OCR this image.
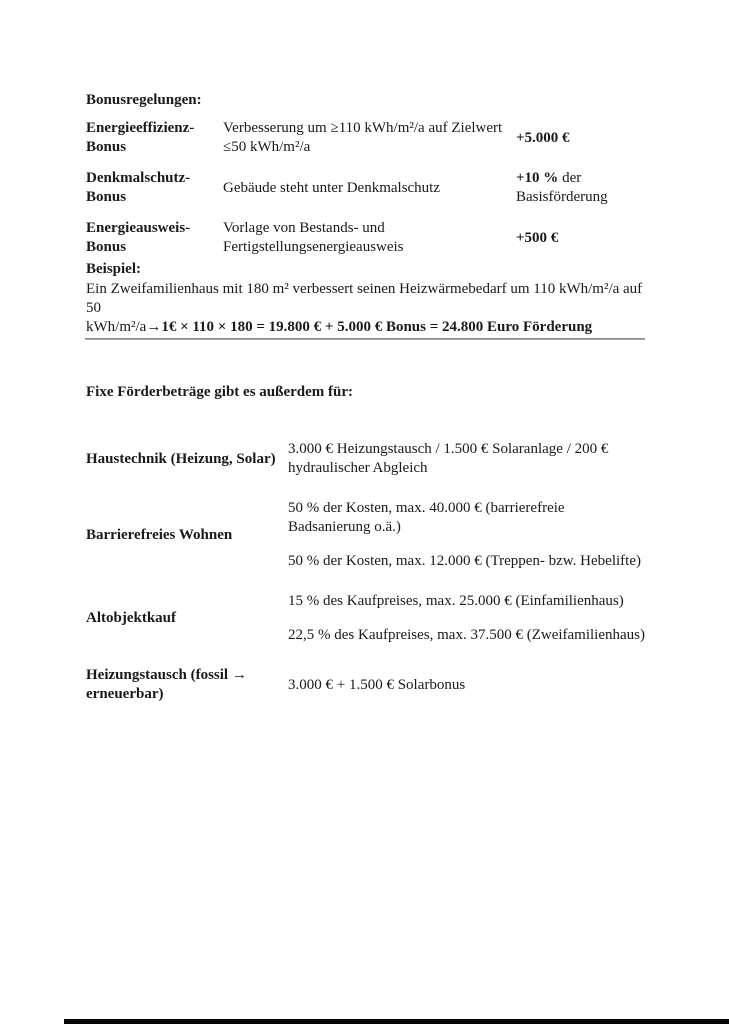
Bonusregelungen:
Energieeffizienz-
Bonus
Verbesserung um ≥110 kWh/m²/a auf Zielwert
≤50 kWh/m²/a
+5.000 €
Denkmalschutz-
Bonus
Gebäude steht unter Denkmalschutz
+10 % der
Basisförderung
Energieausweis-
Bonus
Vorlage von Bestands- und
Fertigstellungsenergieausweis
+500 €
Beispiel:
Ein Zweifamilienhaus mit 180 m² verbessert seinen Heizwärmebedarf um 110 kWh/m²/a auf 50
kWh/m²/a→1€ × 110 × 180 = 19.800 € + 5.000 € Bonus = 24.800 Euro Förderung
Fixe Förderbeträge gibt es außerdem für:
Haustechnik (Heizung, Solar)

3.000 € Heizungstausch / 1.500 € Solaranlage / 200 € hydraulischer Abgleich

Barrierefreies Wohnen

50 % der Kosten, max. 40.000 € (barrierefreie Badsanierung o.ä.)

50 % der Kosten, max. 12.000 € (Treppen- bzw. Hebelifte)

Altobjektkauf

15 % des Kaufpreises, max. 25.000 € (Einfamilienhaus)

22,5 % des Kaufpreises, max. 37.500 € (Zweifamilienhaus)

Heizungstausch (fossil →
erneuerbar)

3.000 € + 1.500 € Solarbonus
